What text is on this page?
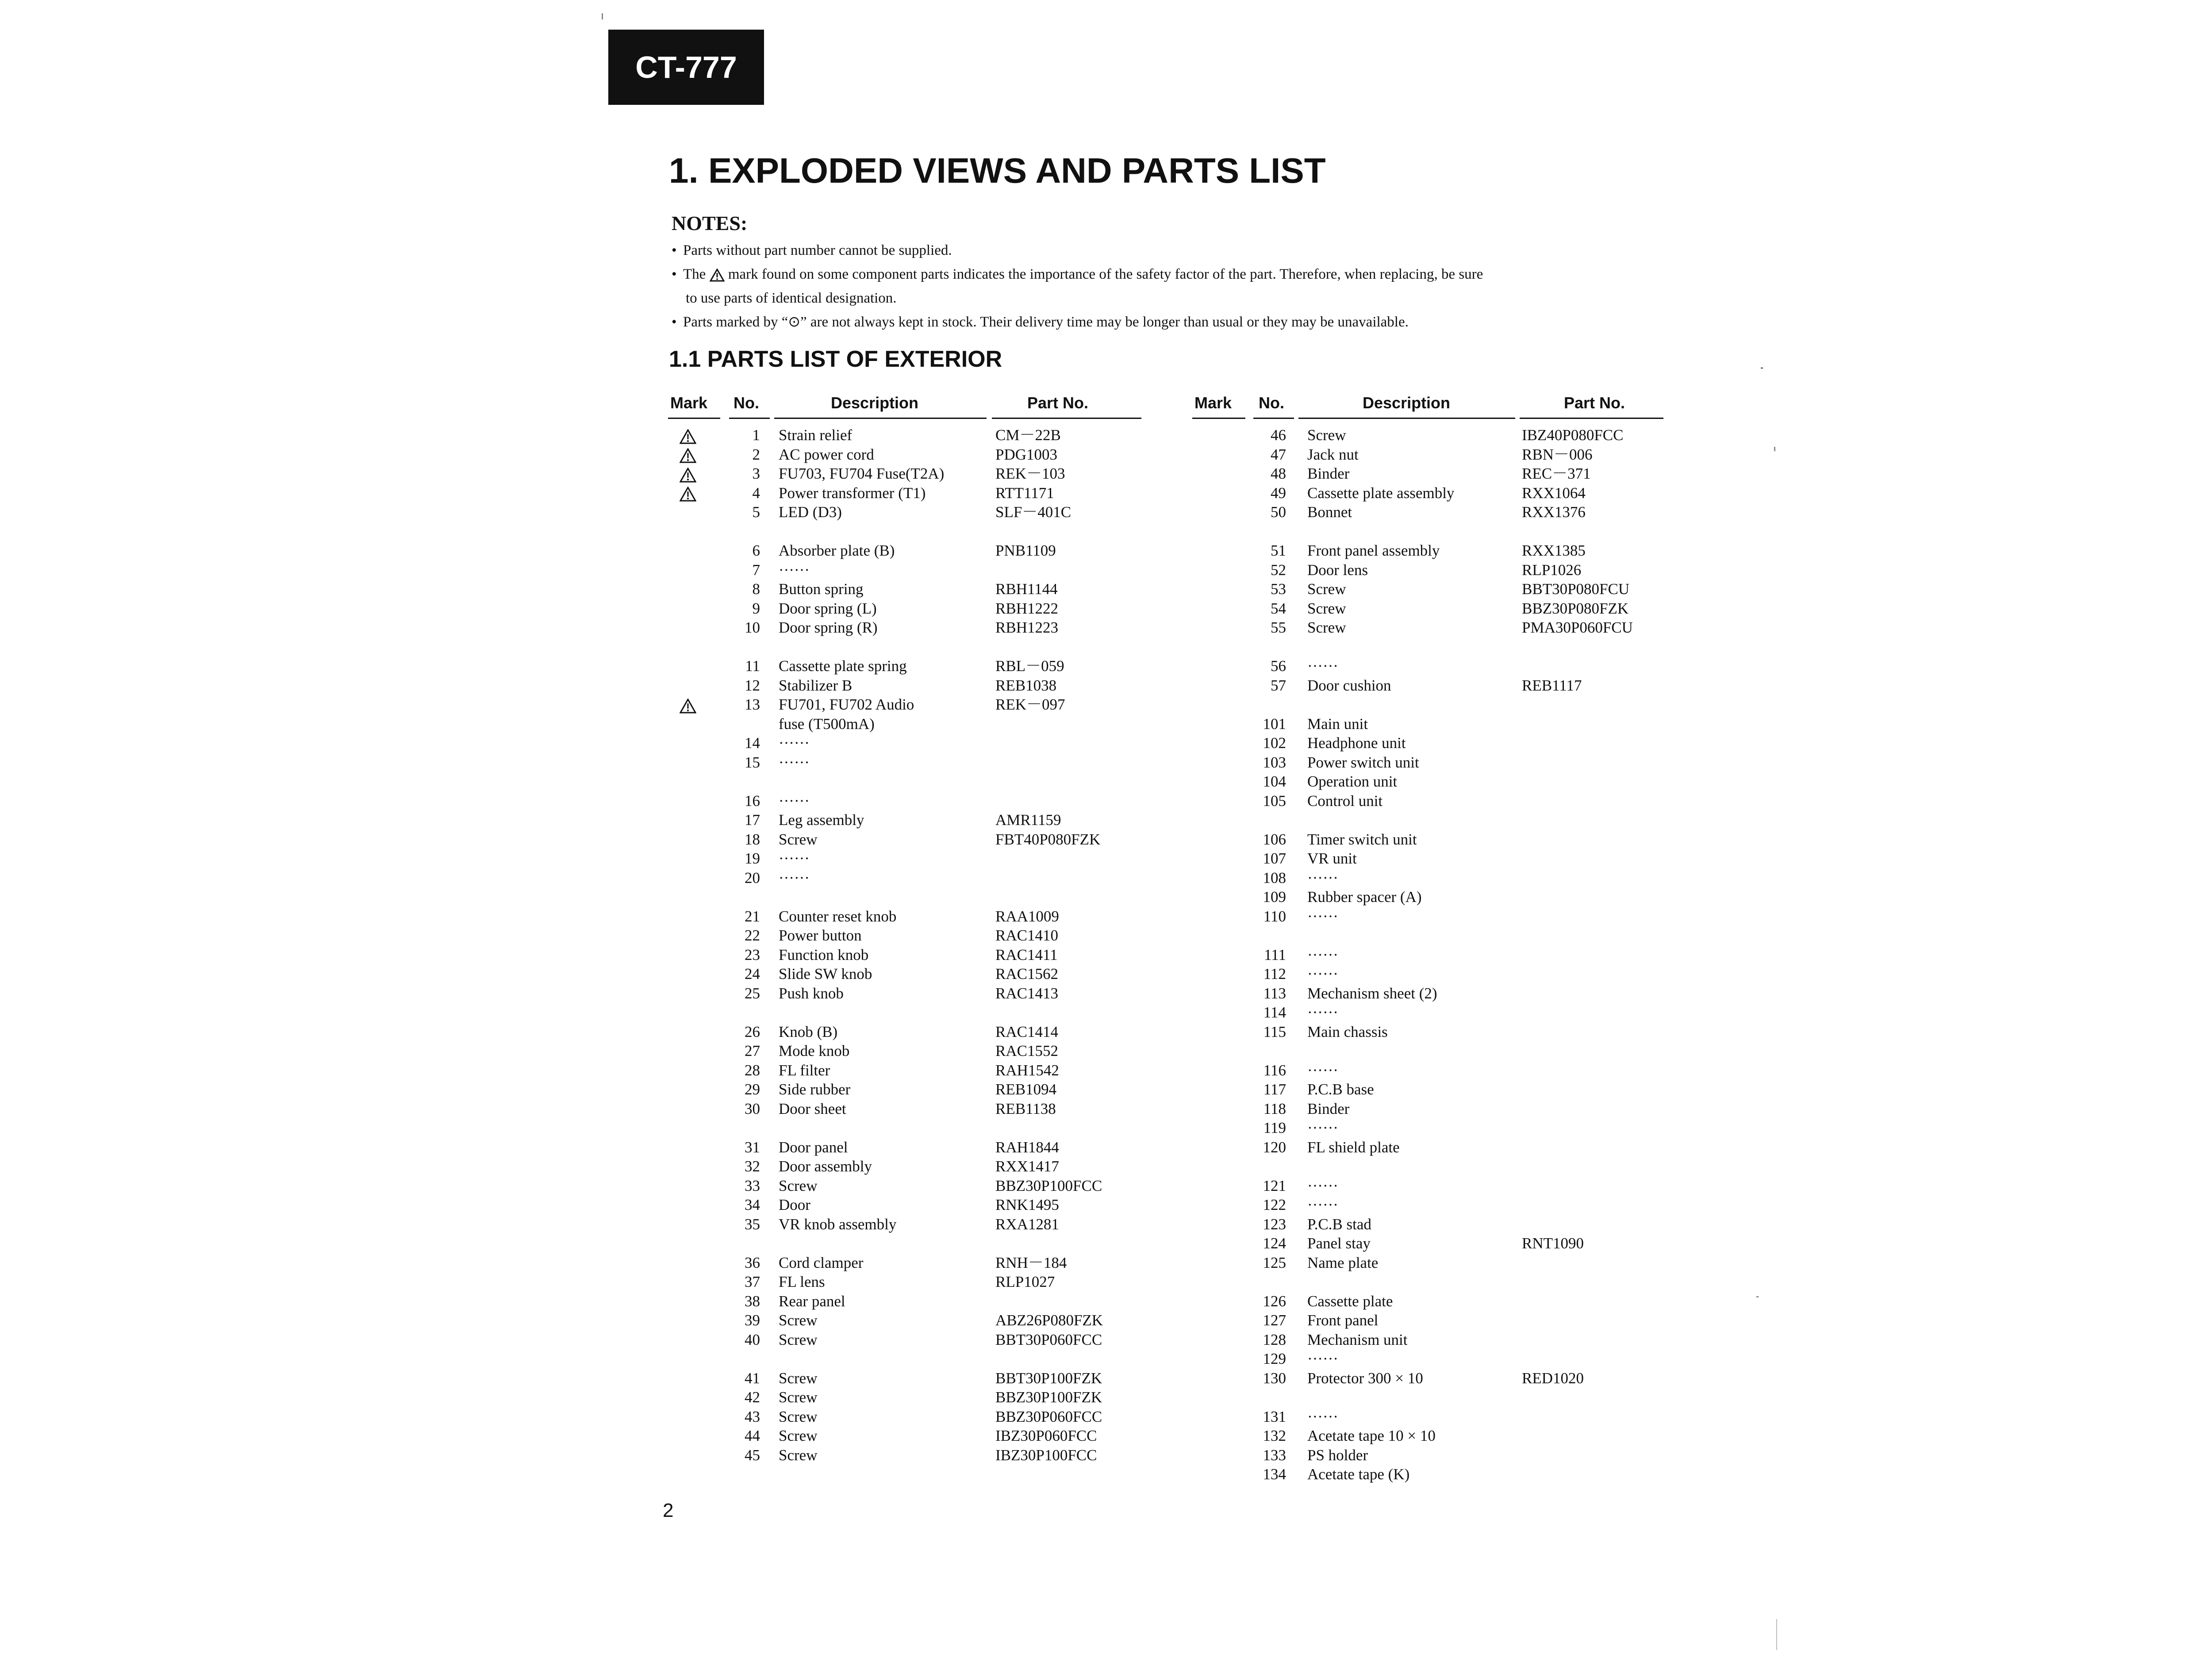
CT-777
1. EXPLODED VIEWS AND PARTS LIST
NOTES:
• Parts without part number cannot be supplied.
• The mark found on some component parts indicates the importance of the safety factor of the part. Therefore, when replacing, be sure
to use parts of identical designation.
• Parts marked by “⊙” are not always kept in stock. Their delivery time may be longer than usual or they may be unavailable.
1.1 PARTS LIST OF EXTERIOR
Mark No.	Description	Part No.
1 Strain relief	CM－22B
2 AC power cord	PDG1003
3 FU703, FU704 Fuse(T2A)	REK－103
4 Power transformer (T1)	RTT1171
5 LED (D3)	SLF－401C
6 Absorber plate (B)	PNB1109
7 ······
8 Button spring	RBH1144
9 Door spring (L)	RBH1222
10 Door spring (R)	RBH1223
11 Cassette plate spring	RBL－059
12 Stabilizer B	REB1038
13 FU701, FU702 Audio	REK－097
fuse (T500mA)
14 ······
15 ······
16 ······
17 Leg assembly	AMR1159
18 Screw	FBT40P080FZK
19 ······
20 ······
21 Counter reset knob	RAA1009
22 Power button	RAC1410
23 Function knob	RAC1411
24 Slide SW knob	RAC1562
25 Push knob	RAC1413
26 Knob (B)	RAC1414
27 Mode knob	RAC1552
28 FL filter	RAH1542
29 Side rubber	REB1094
30 Door sheet	REB1138
31 Door panel	RAH1844
32 Door assembly	RXX1417
33 Screw	BBZ30P100FCC
34 Door	RNK1495
35 VR knob assembly	RXA1281
36 Cord clamper	RNH－184
37 FL lens	RLP1027
38 Rear panel
39 Screw	ABZ26P080FZK
40 Screw	BBT30P060FCC
41 Screw	BBT30P100FZK
42 Screw	BBZ30P100FZK
43 Screw	BBZ30P060FCC
44 Screw	IBZ30P060FCC
45 Screw	IBZ30P100FCC
Mark No.	Description	Part No.
46 Screw	IBZ40P080FCC
47 Jack nut	RBN－006
48 Binder	REC－371
49 Cassette plate assembly	RXX1064
50 Bonnet	RXX1376
51 Front panel assembly	RXX1385
52 Door lens	RLP1026
53 Screw	BBT30P080FCU
54 Screw	BBZ30P080FZK
55 Screw	PMA30P060FCU
56 ······
57 Door cushion	REB1117
101 Main unit
102 Headphone unit
103 Power switch unit
104 Operation unit
105 Control unit
106 Timer switch unit
107 VR unit
108 ······
109 Rubber spacer (A)
110 ······
111 ······
112 ······
113 Mechanism sheet (2)
114 ······
115 Main chassis
116 ······
117 P.C.B base
118 Binder
119 ······
120 FL shield plate
121 ······
122 ······
123 P.C.B stad
124 Panel stay	RNT1090
125 Name plate
126 Cassette plate
127 Front panel
128 Mechanism unit
129 ······
130 Protector 300 × 10	RED1020
131 ······
132 Acetate tape 10 × 10
133 PS holder
134 Acetate tape (K)
2
